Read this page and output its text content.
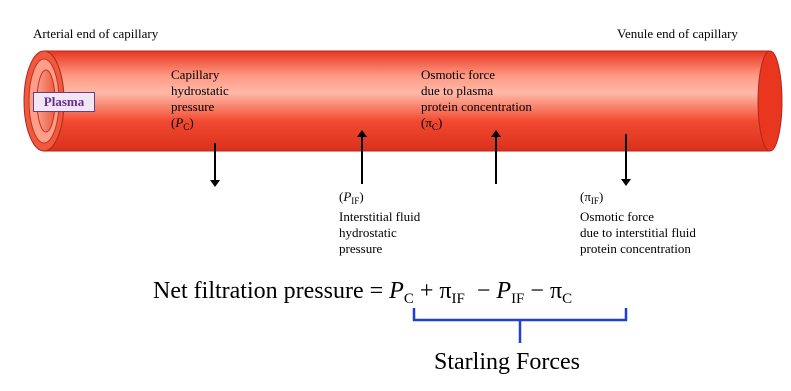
Arterial end of capillary	Venule end of capillary
Plasma
Capillary
hydrostatic
pressure
$(P_C)$
Osmotic force
due to plasma
protein concentration
$(\pi_C)$
$(P_{IF})$
Interstitial fluid
hydrostatic
pressure
$(\pi_{IF})$
Osmotic force
due to interstitial fluid
protein concentration
Net filtration pressure = $P_C + \pi_{IF} - P_{IF} - \pi_C$
Starling Forces
